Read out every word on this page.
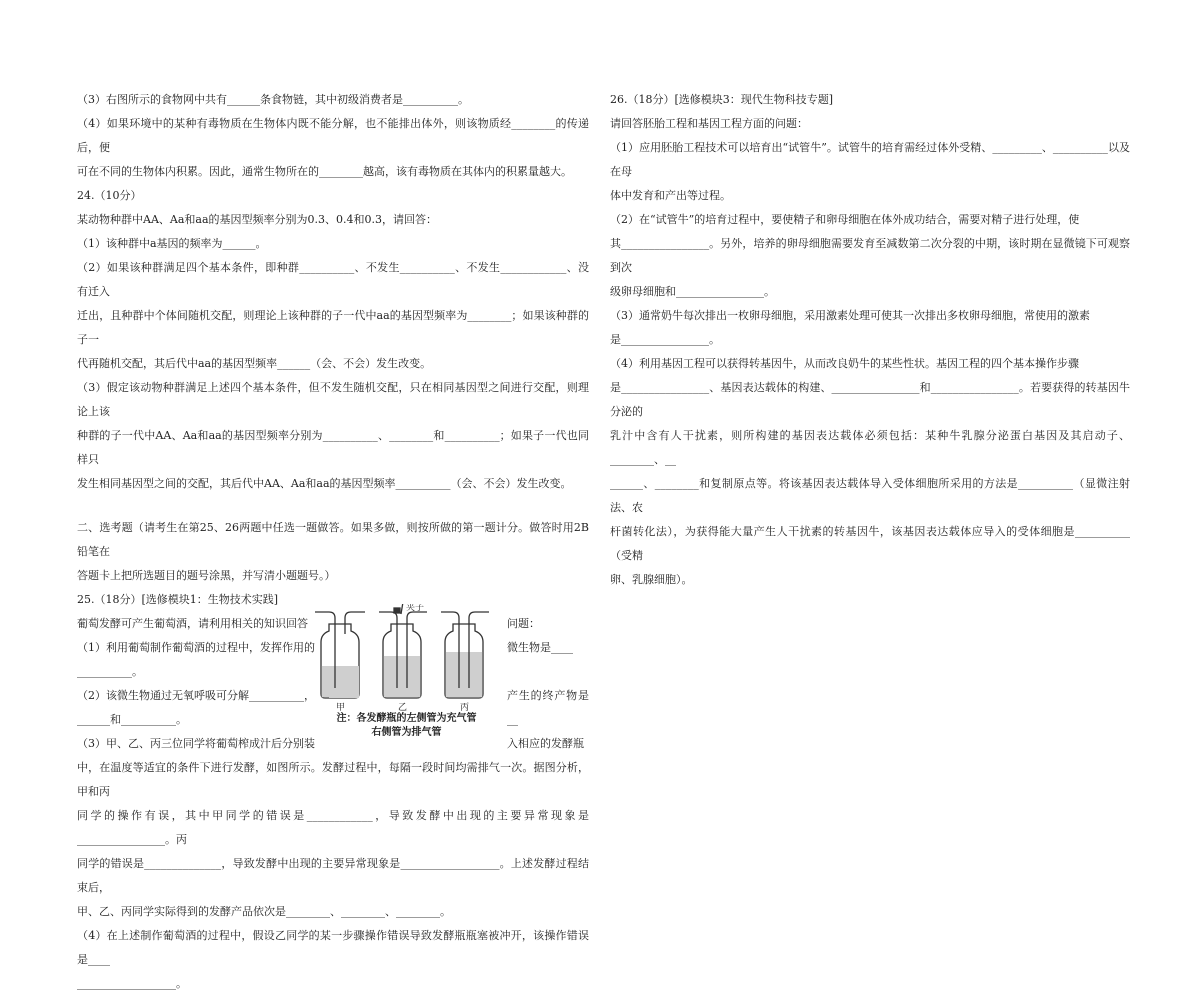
（3）右图所示的食物网中共有______条食物链，其中初级消费者是__________。

（4）如果环境中的某种有毒物质在生物体内既不能分解，也不能排出体外，则该物质经________的传递后，便

可在不同的生物体内积累。因此，通常生物所在的________越高，该有毒物质在其体内的积累量越大。

24.（10分）

某动物种群中AA、Aa和aa的基因型频率分别为0.3、0.4和0.3，请回答：

（1）该种群中a基因的频率为______。

（2）如果该种群满足四个基本条件，即种群__________、不发生__________、不发生____________、没有迁入

迁出，且种群中个体间随机交配，则理论上该种群的子一代中aa的基因型频率为________；如果该种群的子一

代再随机交配，其后代中aa的基因型频率______（会、不会）发生改变。

（3）假定该动物种群满足上述四个基本条件，但不发生随机交配，只在相同基因型之间进行交配，则理论上该

种群的子一代中AA、Aa和aa的基因型频率分别为__________、________和__________；如果子一代也同样只

发生相同基因型之间的交配，其后代中AA、Aa和aa的基因型频率__________（会、不会）发生改变。

二、选考题（请考生在第25、26两题中任选一题做答。如果多做，则按所做的第一题计分。做答时用2B铅笔在

答题卡上把所选题目的题号涂黑，并写清小题题号。）

25.（18分）[选修模块1：生物技术实践]

夹子
甲	乙	丙
注：各发酵瓶的左侧管为充气管
右侧管为排气管

葡萄发酵可产生葡萄酒，请利用相关的知识回答	问题：

（1）利用葡萄制作葡萄酒的过程中，发挥作用的	微生物是____

__________。

（2）该微生物通过无氧呼吸可分解__________，	产生的终产物是__

______和__________。

（3）甲、乙、丙三位同学将葡萄榨成汁后分别装	入相应的发酵瓶

中，在温度等适宜的条件下进行发酵，如图所示。发酵过程中，每隔一段时间均需排气一次。据图分析，甲和丙

同学的操作有误，其中甲同学的错误是____________，导致发酵中出现的主要异常现象是________________。丙

同学的错误是______________，导致发酵中出现的主要异常现象是__________________。上述发酵过程结束后，

甲、乙、丙同学实际得到的发酵产品依次是________、________、________。

（4）在上述制作葡萄酒的过程中，假设乙同学的某一步骤操作错误导致发酵瓶瓶塞被冲开，该操作错误是____

__________________。

26.（18分）[选修模块3：现代生物科技专题]

请回答胚胎工程和基因工程方面的问题：

（1）应用胚胎工程技术可以培育出“试管牛”。试管牛的培育需经过体外受精、_________、__________以及在母

体中发育和产出等过程。

（2）在“试管牛”的培育过程中，要使精子和卵母细胞在体外成功结合，需要对精子进行处理，使

其________________。另外，培养的卵母细胞需要发育至减数第二次分裂的中期，该时期在显微镜下可观察到次

级卵母细胞和________________。

（3）通常奶牛每次排出一枚卵母细胞，采用激素处理可使其一次排出多枚卵母细胞，常使用的激素

是________________。

（4）利用基因工程可以获得转基因牛，从而改良奶牛的某些性状。基因工程的四个基本操作步骤

是________________、基因表达载体的构建、________________和________________。若要获得的转基因牛分泌的

乳汁中含有人干扰素，则所构建的基因表达载体必须包括：某种牛乳腺分泌蛋白基因及其启动子、________、__

______、________和复制原点等。将该基因表达载体导入受体细胞所采用的方法是__________（显微注射法、农

杆菌转化法），为获得能大量产生人干扰素的转基因牛，该基因表达载体应导入的受体细胞是__________（受精

卵、乳腺细胞）。
